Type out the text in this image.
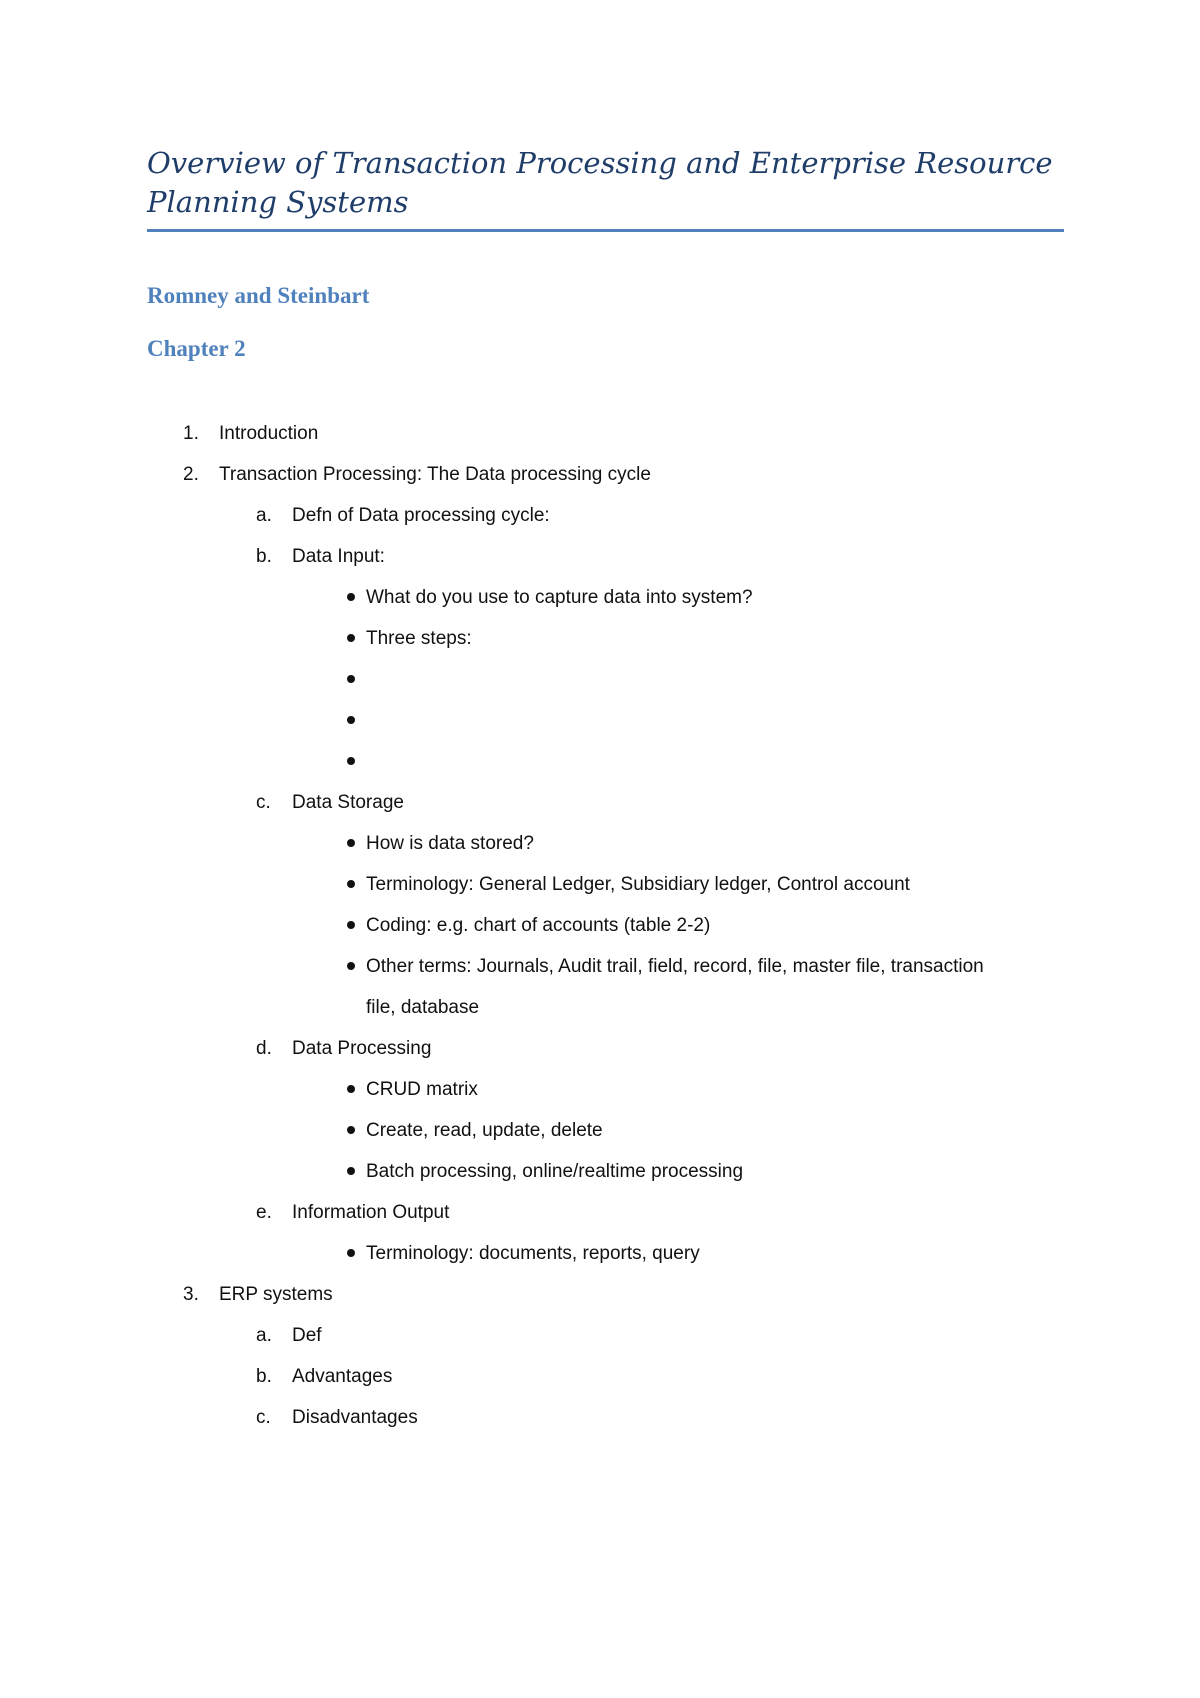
Overview of Transaction Processing and Enterprise Resource Planning Systems
Romney and Steinbart
Chapter 2
1. Introduction
2. Transaction Processing: The Data processing cycle
a. Defn of Data processing cycle:
b. Data Input:
What do you use to capture data into system?
Three steps:
c. Data Storage
How is data stored?
Terminology: General Ledger, Subsidiary ledger, Control account
Coding: e.g. chart of accounts (table 2-2)
Other terms: Journals, Audit trail, field, record, file, master file, transaction
file, database
d. Data Processing
CRUD matrix
Create, read, update, delete
Batch processing, online/realtime processing
e. Information Output
Terminology: documents, reports, query
3. ERP systems
a. Def
b. Advantages
c. Disadvantages
